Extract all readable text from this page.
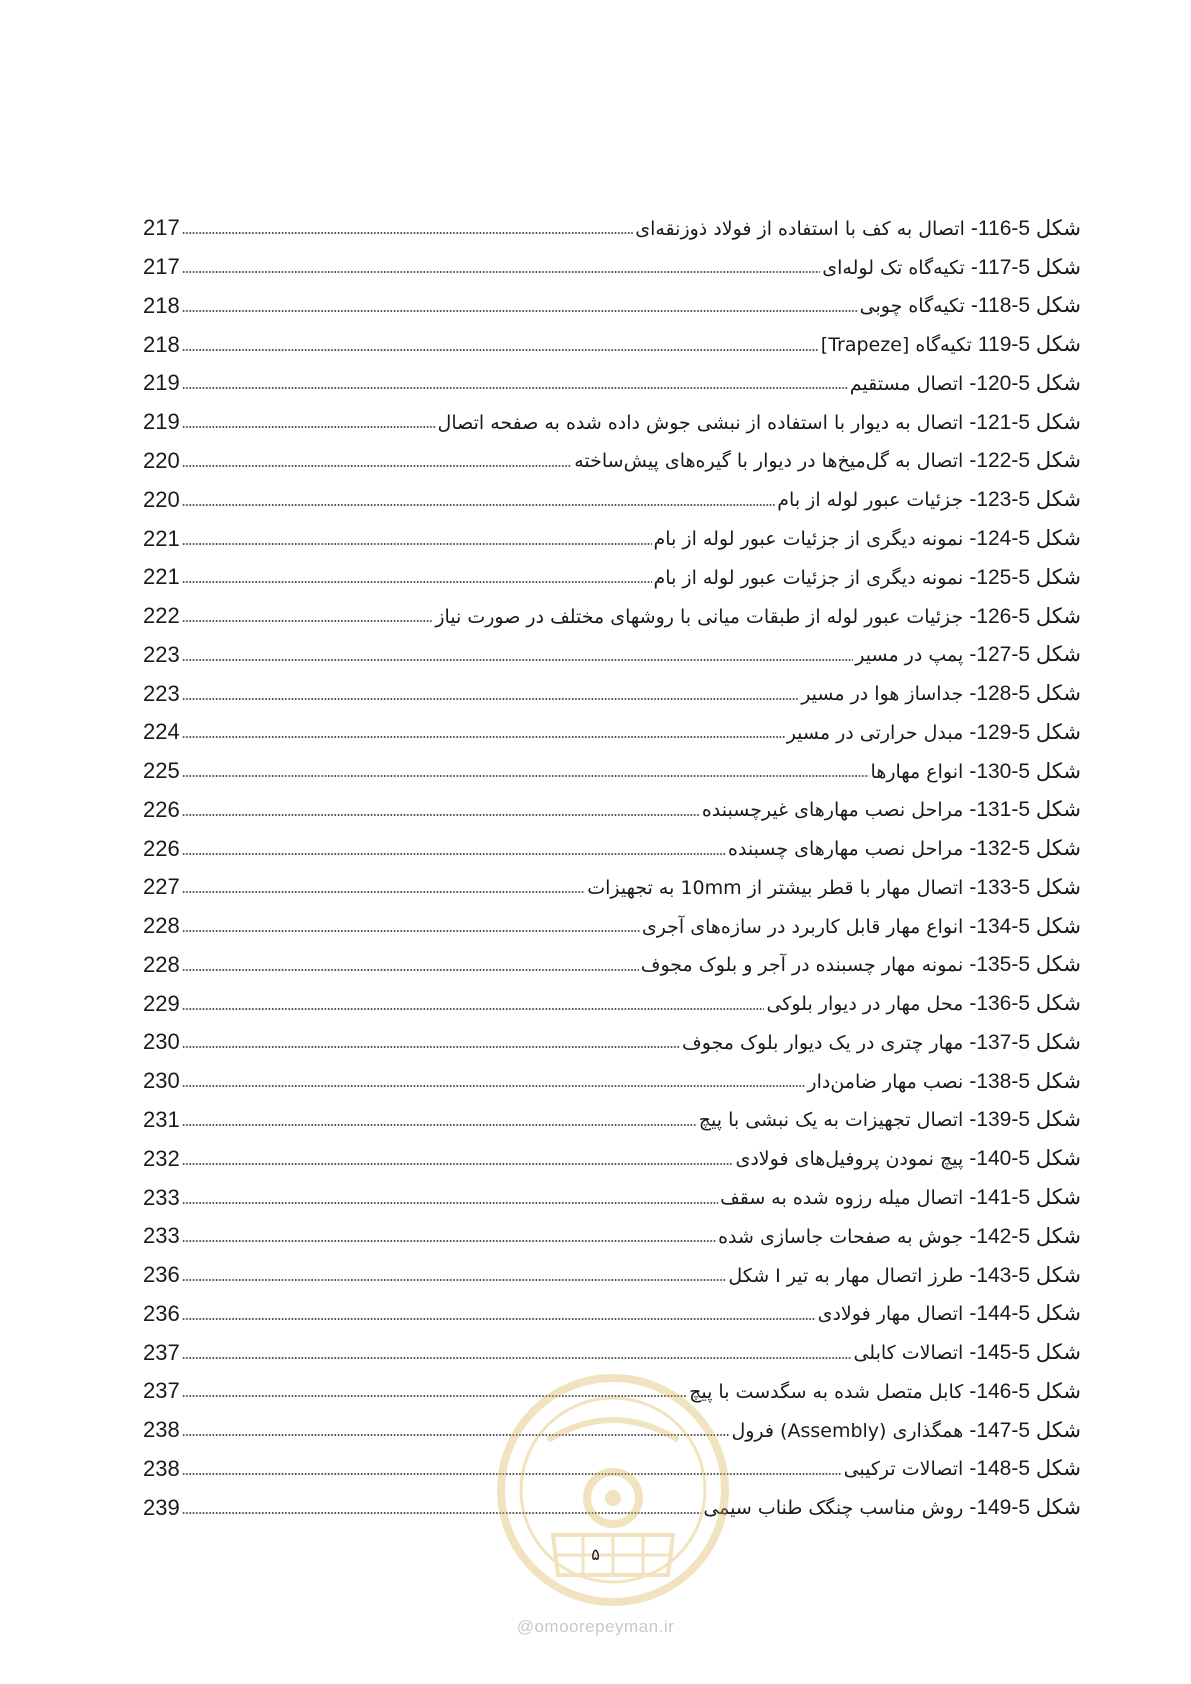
شکل 5-116- اتصال به کف با استفاده از فولاد ذوزنقه‌ای
217
شکل 5-117- تکیه‌گاه تک لوله‌ای
217
شکل 5-118- تکیه‌گاه چوبی
218
شکل 5-119 تکیه‌گاه [Trapeze]
218
شکل 5-120- اتصال مستقیم
219
شکل 5-121- اتصال به دیوار با استفاده از نبشی جوش داده شده به صفحه اتصال
219
شکل 5-122- اتصال به گل‌میخ‌ها در دیوار با گیره‌های پیش‌ساخته
220
شکل 5-123- جزئیات عبور لوله از بام
220
شکل 5-124- نمونه دیگری از جزئیات عبور لوله از بام
221
شکل 5-125- نمونه دیگری از جزئیات عبور لوله از بام
221
شکل 5-126- جزئیات عبور لوله از طبقات میانی با روشهای مختلف در صورت نیاز
222
شکل 5-127- پمپ در مسیر
223
شکل 5-128- جداساز هوا در مسیر
223
شکل 5-129- مبدل حرارتی در مسیر
224
شکل 5-130- انواع مهارها
225
شکل 5-131- مراحل نصب مهارهای غیرچسبنده
226
شکل 5-132- مراحل نصب مهارهای چسبنده
226
شکل 5-133- اتصال مهار با قطر بیشتر از 10mm به تجهیزات
227
شکل 5-134- انواع مهار قابل کاربرد در سازه‌های آجری
228
شکل 5-135- نمونه مهار چسبنده در آجر و بلوک مجوف
228
شکل 5-136- محل مهار در دیوار بلوکی
229
شکل 5-137- مهار چتری در یک دیوار بلوک مجوف
230
شکل 5-138- نصب مهار ضامن‌دار
230
شکل 5-139- اتصال تجهیزات به یک نبشی با پیچ
231
شکل 5-140- پیچ نمودن پروفیل‌های فولادی
232
شکل 5-141- اتصال میله رزوه شده به سقف
233
شکل 5-142- جوش به صفحات جاسازی شده
233
شکل 5-143- طرز اتصال مهار به تیر I شکل
236
شکل 5-144- اتصال مهار فولادی
236
شکل 5-145- اتصالات کابلی
237
شکل 5-146- کابل متصل شده به سگدست با پیچ
237
شکل 5-147- همگذاری (Assembly) فرول
238
شکل 5-148- اتصالات ترکیبی
238
شکل 5-149- روش مناسب چنگک طناب سیمی
239
۵
@omoorepeyman.ir
